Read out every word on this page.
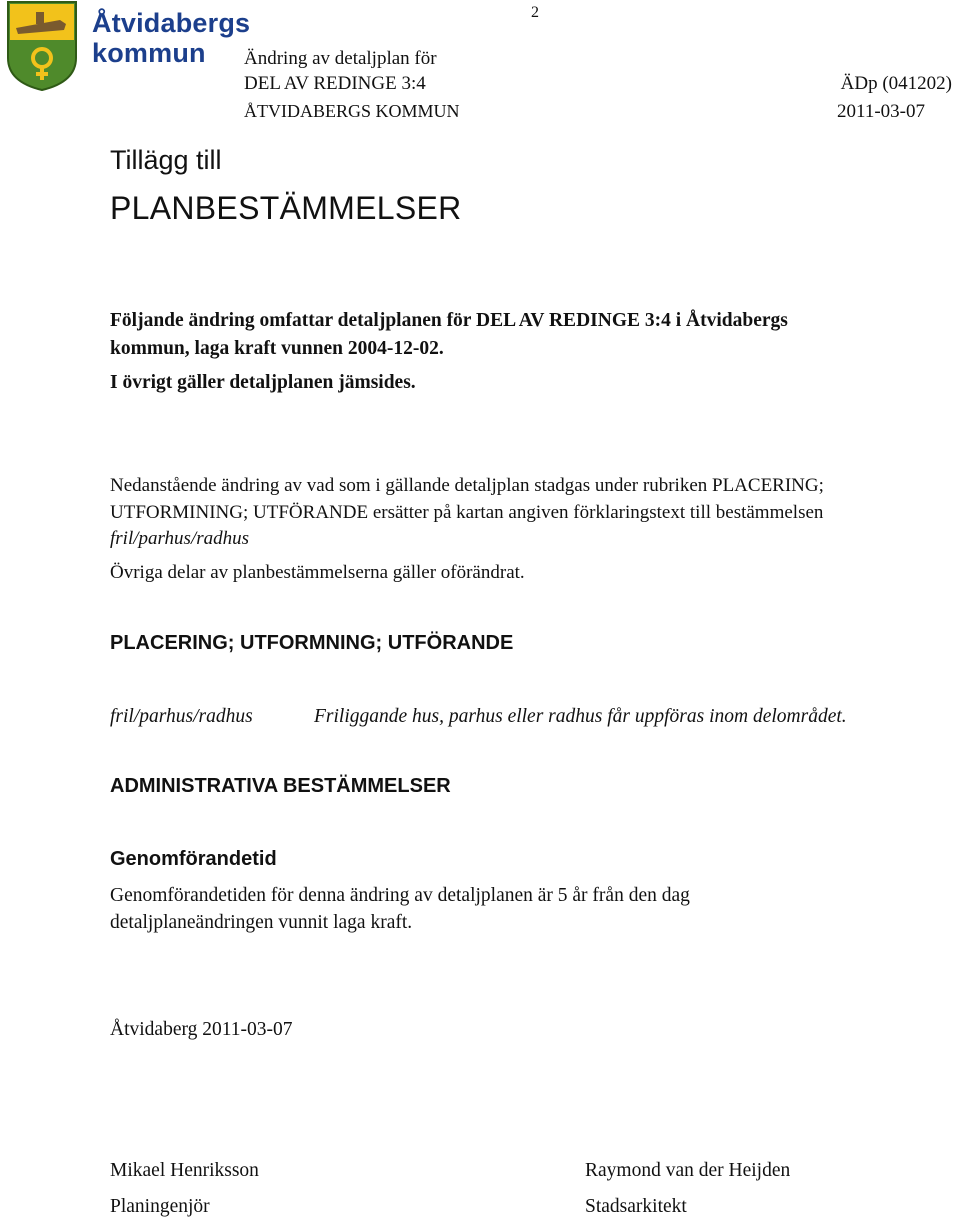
Åtvidabergs
kommun
2
Ändring av detaljplan för
DEL AV REDINGE 3:4	ÄDp (041202)
ÅTVIDABERGS KOMMUN	2011-03-07
Tillägg till
PLANBESTÄMMELSER
Följande ändring omfattar detaljplanen för DEL AV REDINGE 3:4 i Åtvidabergs
kommun, laga kraft vunnen 2004-12-02.
I övrigt gäller detaljplanen jämsides.
Nedanstående ändring av vad som i gällande detaljplan stadgas under rubriken PLACERING;
UTFORMINING; UTFÖRANDE ersätter på kartan angiven förklaringstext till bestämmelsen
fril/parhus/radhus
Övriga delar av planbestämmelserna gäller oförändrat.
PLACERING; UTFORMNING; UTFÖRANDE
fril/parhus/radhus	Friliggande hus, parhus eller radhus får uppföras inom delområdet.
ADMINISTRATIVA BESTÄMMELSER
Genomförandetid
Genomförandetiden för denna ändring av detaljplanen är 5 år från den dag
detaljplaneändringen vunnit laga kraft.
Åtvidaberg 2011-03-07
Mikael Henriksson
Planingenjör
Raymond van der Heijden
Stadsarkitekt
